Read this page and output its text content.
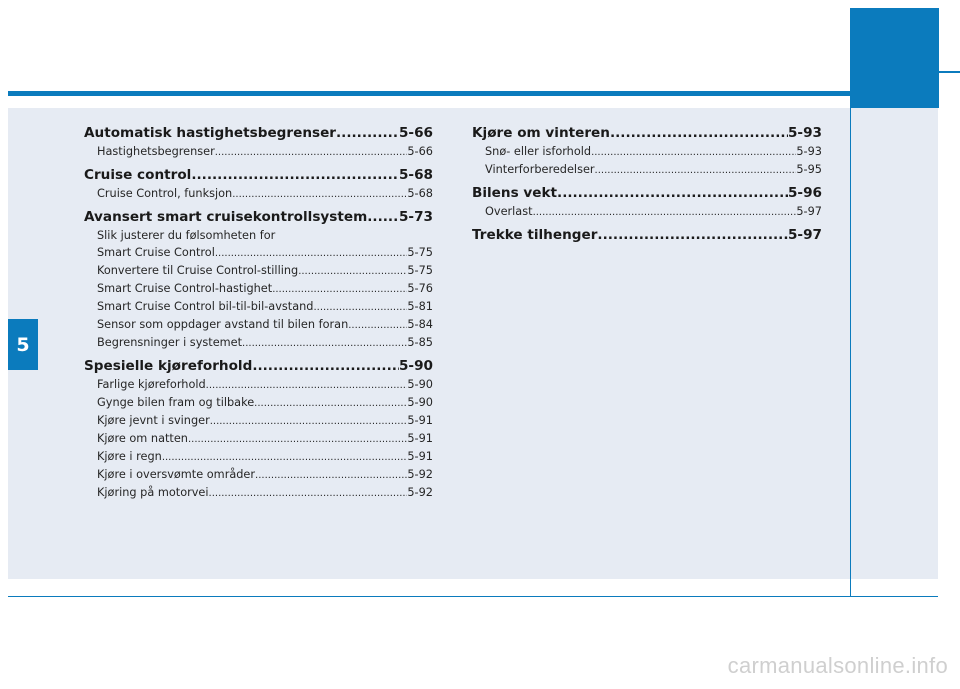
5
Automatisk hastighetsbegrenser .....	5-66
Hastighetsbegrenser .....	5-66
Cruise control .....	5-68
Cruise Control, funksjon .....	5-68
Avansert smart cruisekontrollsystem ..... 5-73
Slik justerer du følsomheten for
Smart Cruise Control .....	5-75
Konvertere til Cruise Control-stilling .....	5-75
Smart Cruise Control-hastighet .....	5-76
Smart Cruise Control bil-til-bil-avstand .....	5-81
Sensor som oppdager avstand til bilen foran .....	5-84
Begrensninger i systemet .....	5-85
Spesielle kjøreforhold .....	5-90
Farlige kjøreforhold .....	5-90
Gynge bilen fram og tilbake .....	5-90
Kjøre jevnt i svinger .....	5-91
Kjøre om natten .....	5-91
Kjøre i regn .....	5-91
Kjøre i oversvømte områder .....	5-92
Kjøring på motorvei .....	5-92
Kjøre om vinteren .....	5-93
Snø- eller isforhold .....	5-93
Vinterforberedelser .....	5-95
Bilens vekt .....	5-96
Overlast .....	5-97
Trekke tilhenger .....	5-97
carmanualsonline.info
